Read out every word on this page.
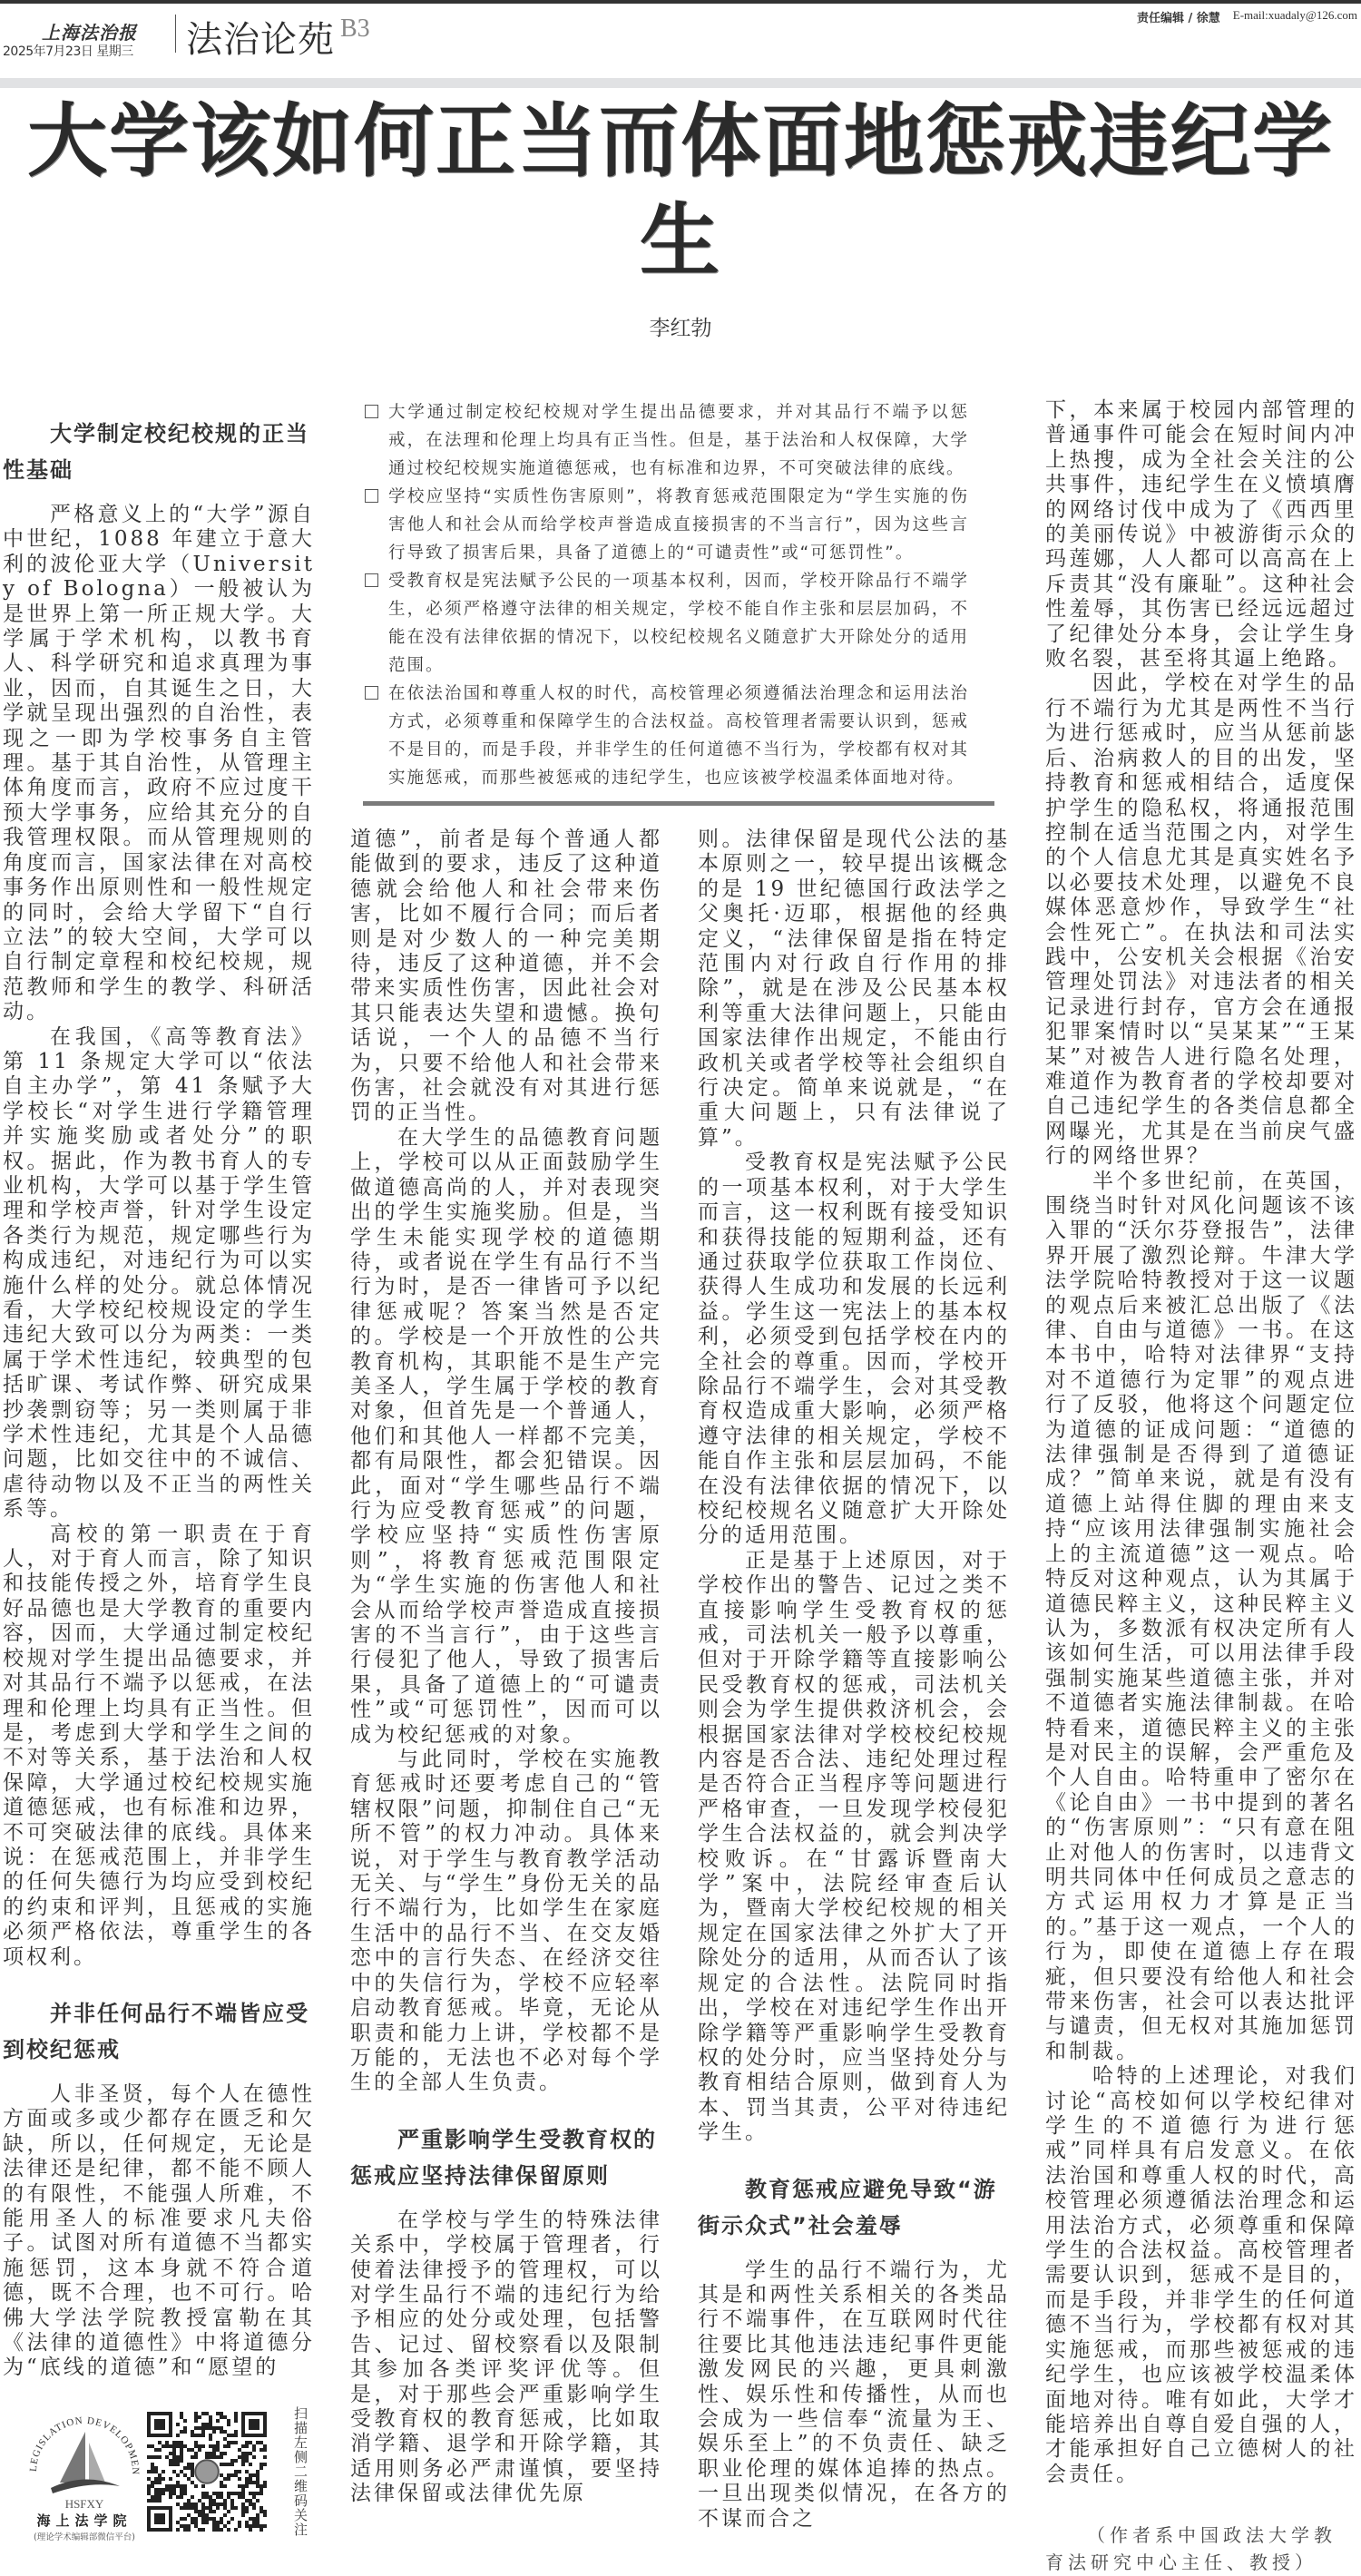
上海法治报
2025年7月23日 星期三 法治论苑 B3	责任编辑 / 徐慧 E-mail:xuadaly@126.com
大学该如何正当而体面地惩戒违纪学生
李红勃
大学制定校纪校规的正当性基础

严格意义上的“大学”源自中世纪，1088 年建立于意大利的波伦亚大学（University of Bologna）一般被认为是世界上第一所正规大学。大学属于学术机构，以教书育人、科学研究和追求真理为事业，因而，自其诞生之日，大学就呈现出强烈的自治性，表现之一即为学校事务自主管理。基于其自治性，从管理主体角度而言，政府不应过度干预大学事务，应给其充分的自我管理权限。而从管理规则的角度而言，国家法律在对高校事务作出原则性和一般性规定的同时，会给大学留下“自行立法”的较大空间，大学可以自行制定章程和校纪校规，规范教师和学生的教学、科研活动。

在我国，《高等教育法》第 11 条规定大学可以“依法自主办学”，第 41 条赋予大学校长“对学生进行学籍管理并实施奖励或者处分”的职权。据此，作为教书育人的专业机构，大学可以基于学生管理和学校声誉，针对学生设定各类行为规范，规定哪些行为构成违纪，对违纪行为可以实施什么样的处分。就总体情况看，大学校纪校规设定的学生违纪大致可以分为两类：一类属于学术性违纪，较典型的包括旷课、考试作弊、研究成果抄袭剽窃等；另一类则属于非学术性违纪，尤其是个人品德问题，比如交往中的不诚信、虐待动物以及不正当的两性关系等。

高校的第一职责在于育人，对于育人而言，除了知识和技能传授之外，培育学生良好品德也是大学教育的重要内容，因而，大学通过制定校纪校规对学生提出品德要求，并对其品行不端予以惩戒，在法理和伦理上均具有正当性。但是，考虑到大学和学生之间的不对等关系，基于法治和人权保障，大学通过校纪校规实施道德惩戒，也有标准和边界，不可突破法律的底线。具体来说：在惩戒范围上，并非学生的任何失德行为均应受到校纪的约束和评判，且惩戒的实施必须严格依法，尊重学生的各项权利。

并非任何品行不端皆应受到校纪惩戒

人非圣贤，每个人在德性方面或多或少都存在匮乏和欠缺，所以，任何规定，无论是法律还是纪律，都不能不顾人的有限性，不能强人所难，不能用圣人的标准要求凡夫俗子。试图对所有道德不当都实施惩罚，这本身就不符合道德，既不合理，也不可行。哈佛大学法学院教授富勒在其《法律的道德性》中将道德分为“底线的道德”和“愿望的

LEGISLATION DEVELOPMEN
HSFXY
海上法学院
(理论学术编辑部微信平台)
扫描左侧二维码关注
大学通过制定校纪校规对学生提出品德要求，并对其品行不端予以惩戒，在法理和伦理上均具有正当性。但是，基于法治和人权保障，大学通过校纪校规实施道德惩戒，也有标准和边界，不可突破法律的底线。
学校应坚持“实质性伤害原则”，将教育惩戒范围限定为“学生实施的伤害他人和社会从而给学校声誉造成直接损害的不当言行”，因为这些言行导致了损害后果，具备了道德上的“可谴责性”或“可惩罚性”。
受教育权是宪法赋予公民的一项基本权利，因而，学校开除品行不端学生，必须严格遵守法律的相关规定，学校不能自作主张和层层加码，不能在没有法律依据的情况下，以校纪校规名义随意扩大开除处分的适用范围。
在依法治国和尊重人权的时代，高校管理必须遵循法治理念和运用法治方式，必须尊重和保障学生的合法权益。高校管理者需要认识到，惩戒不是目的，而是手段，并非学生的任何道德不当行为，学校都有权对其实施惩戒，而那些被惩戒的违纪学生，也应该被学校温柔体面地对待。

道德”，前者是每个普通人都能做到的要求，违反了这种道德就会给他人和社会带来伤害，比如不履行合同；而后者则是对少数人的一种完美期待，违反了这种道德，并不会带来实质性伤害，因此社会对其只能表达失望和遗憾。换句话说，一个人的品德不当行为，只要不给他人和社会带来伤害，社会就没有对其进行惩罚的正当性。

在大学生的品德教育问题上，学校可以从正面鼓励学生做道德高尚的人，并对表现突出的学生实施奖励。但是，当学生未能实现学校的道德期待，或者说在学生有品行不当行为时，是否一律皆可予以纪律惩戒呢？答案当然是否定的。学校是一个开放性的公共教育机构，其职能不是生产完美圣人，学生属于学校的教育对象，但首先是一个普通人，他们和其他人一样都不完美，都有局限性，都会犯错误。因此，面对“学生哪些品行不端行为应受教育惩戒”的问题，学校应坚持“实质性伤害原则”，将教育惩戒范围限定为“学生实施的伤害他人和社会从而给学校声誉造成直接损害的不当言行”，由于这些言行侵犯了他人，导致了损害后果，具备了道德上的“可谴责性”或“可惩罚性”，因而可以成为校纪惩戒的对象。

与此同时，学校在实施教育惩戒时还要考虑自己的“管辖权限”问题，抑制住自己“无所不管”的权力冲动。具体来说，对于学生与教育教学活动无关、与“学生”身份无关的品行不端行为，比如学生在家庭生活中的品行不当、在交友婚恋中的言行失态、在经济交往中的失信行为，学校不应轻率启动教育惩戒。毕竟，无论从职责和能力上讲，学校都不是万能的，无法也不必对每个学生的全部人生负责。

严重影响学生受教育权的惩戒应坚持法律保留原则

在学校与学生的特殊法律关系中，学校属于管理者，行使着法律授予的管理权，可以对学生品行不端的违纪行为给予相应的处分或处理，包括警告、记过、留校察看以及限制其参加各类评奖评优等。但是，对于那些会严重影响学生受教育权的教育惩戒，比如取消学籍、退学和开除学籍，其适用则务必严肃谨慎，要坚持法律保留或法律优先原

则。法律保留是现代公法的基本原则之一，较早提出该概念的是 19 世纪德国行政法学之父奥托·迈耶，根据他的经典定义，“法律保留是指在特定范围内对行政自行作用的排除”，就是在涉及公民基本权利等重大法律问题上，只能由国家法律作出规定，不能由行政机关或者学校等社会组织自行决定。简单来说就是，“在重大问题上，只有法律说了算”。

受教育权是宪法赋予公民的一项基本权利，对于大学生而言，这一权利既有接受知识和获得技能的短期利益，还有通过获取学位获取工作岗位、获得人生成功和发展的长远利益。学生这一宪法上的基本权利，必须受到包括学校在内的全社会的尊重。因而，学校开除品行不端学生，会对其受教育权造成重大影响，必须严格遵守法律的相关规定，学校不能自作主张和层层加码，不能在没有法律依据的情况下，以校纪校规名义随意扩大开除处分的适用范围。

正是基于上述原因，对于学校作出的警告、记过之类不直接影响学生受教育权的惩戒，司法机关一般予以尊重，但对于开除学籍等直接影响公民受教育权的惩戒，司法机关则会为学生提供救济机会，会根据国家法律对学校校纪校规内容是否合法、违纪处理过程是否符合正当程序等问题进行严格审查，一旦发现学校侵犯学生合法权益的，就会判决学校败诉。在“甘露诉暨南大学”案中，法院经审查后认为，暨南大学校纪校规的相关规定在国家法律之外扩大了开除处分的适用，从而否认了该规定的合法性。法院同时指出，学校在对违纪学生作出开除学籍等严重影响学生受教育权的处分时，应当坚持处分与教育相结合原则，做到育人为本、罚当其责，公平对待违纪学生。

教育惩戒应避免导致“游街示众式”社会羞辱

学生的品行不端行为，尤其是和两性关系相关的各类品行不端事件，在互联网时代往往要比其他违法违纪事件更能激发网民的兴趣，更具刺激性、娱乐性和传播性，从而也会成为一些信奉“流量为王、娱乐至上”的不负责任、缺乏职业伦理的媒体追捧的热点。一旦出现类似情况，在各方的不谋而合之

下，本来属于校园内部管理的普通事件可能会在短时间内冲上热搜，成为全社会关注的公共事件，违纪学生在义愤填膺的网络讨伐中成为了《西西里的美丽传说》中被游街示众的玛莲娜，人人都可以高高在上斥责其“没有廉耻”。这种社会性羞辱，其伤害已经远远超过了纪律处分本身，会让学生身败名裂，甚至将其逼上绝路。

因此，学校在对学生的品行不端行为尤其是两性不当行为进行惩戒时，应当从惩前毖后、治病救人的目的出发，坚持教育和惩戒相结合，适度保护学生的隐私权，将通报范围控制在适当范围之内，对学生的个人信息尤其是真实姓名予以必要技术处理，以避免不良媒体恶意炒作，导致学生“社会性死亡”。在执法和司法实践中，公安机关会根据《治安管理处罚法》对违法者的相关记录进行封存，官方会在通报犯罪案情时以“吴某某”“王某某”对被告人进行隐名处理，难道作为教育者的学校却要对自己违纪学生的各类信息都全网曝光，尤其是在当前戾气盛行的网络世界？

半个多世纪前，在英国，围绕当时针对风化问题该不该入罪的“沃尔芬登报告”，法律界开展了激烈论辩。牛津大学法学院哈特教授对于这一议题的观点后来被汇总出版了《法律、自由与道德》一书。在这本书中，哈特对法律界“支持对不道德行为定罪”的观点进行了反驳，他将这个问题定位为道德的证成问题：“道德的法律强制是否得到了道德证成？”简单来说，就是有没有道德上站得住脚的理由来支持“应该用法律强制实施社会上的主流道德”这一观点。哈特反对这种观点，认为其属于道德民粹主义，这种民粹主义认为，多数派有权决定所有人该如何生活，可以用法律手段强制实施某些道德主张，并对不道德者实施法律制裁。在哈特看来，道德民粹主义的主张是对民主的误解，会严重危及个人自由。哈特重申了密尔在《论自由》一书中提到的著名的“伤害原则”：“只有意在阻止对他人的伤害时，以违背文明共同体中任何成员之意志的方式运用权力才算是正当的。”基于这一观点，一个人的行为，即使在道德上存在瑕疵，但只要没有给他人和社会带来伤害，社会可以表达批评与谴责，但无权对其施加惩罚和制裁。

哈特的上述理论，对我们讨论“高校如何以学校纪律对学生的不道德行为进行惩戒”同样具有启发意义。在依法治国和尊重人权的时代，高校管理必须遵循法治理念和运用法治方式，必须尊重和保障学生的合法权益。高校管理者需要认识到，惩戒不是目的，而是手段，并非学生的任何道德不当行为，学校都有权对其实施惩戒，而那些被惩戒的违纪学生，也应该被学校温柔体面地对待。唯有如此，大学才能培养出自尊自爱自强的人，才能承担好自己立德树人的社会责任。

（作者系中国政法大学教育法研究中心主任、教授）
